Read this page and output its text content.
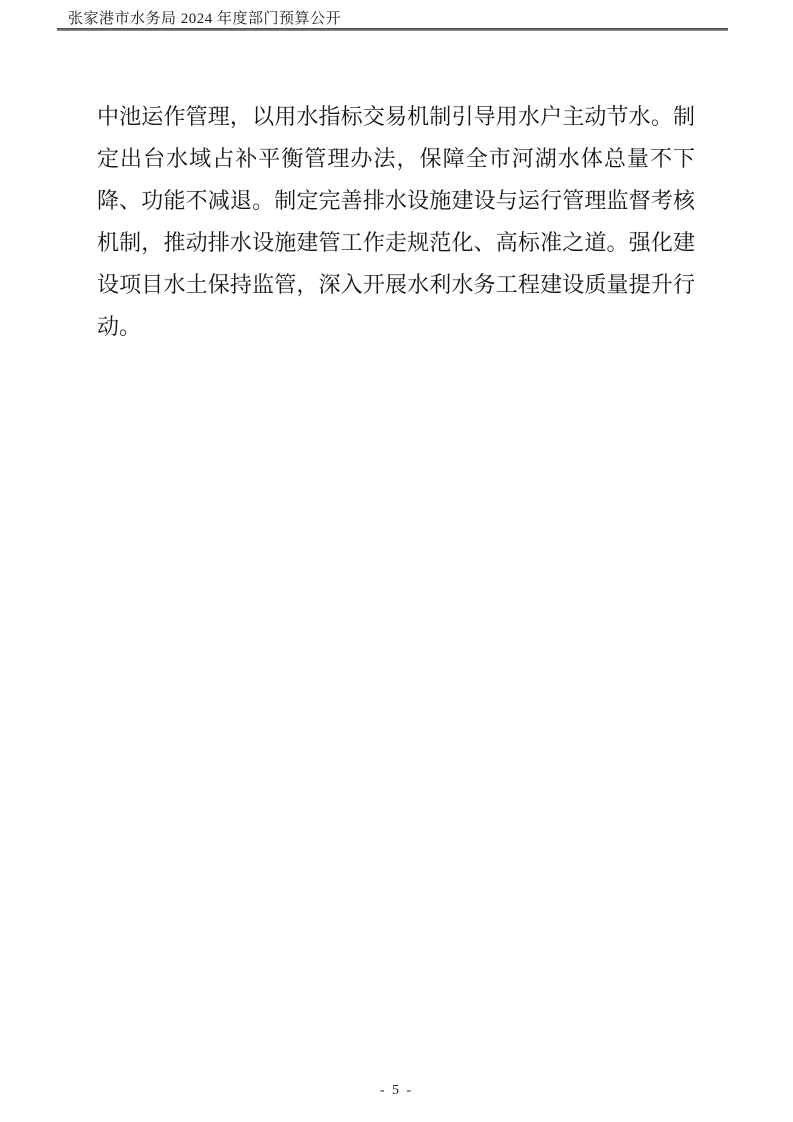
张家港市水务局 2024 年度部门预算公开
中池运作管理，以用水指标交易机制引导用水户主动节水。制
定出台水域占补平衡管理办法，保障全市河湖水体总量不下
降、功能不减退。制定完善排水设施建设与运行管理监督考核
机制，推动排水设施建管工作走规范化、高标准之道。强化建
设项目水土保持监管，深入开展水利水务工程建设质量提升行
动。
- 5 -
